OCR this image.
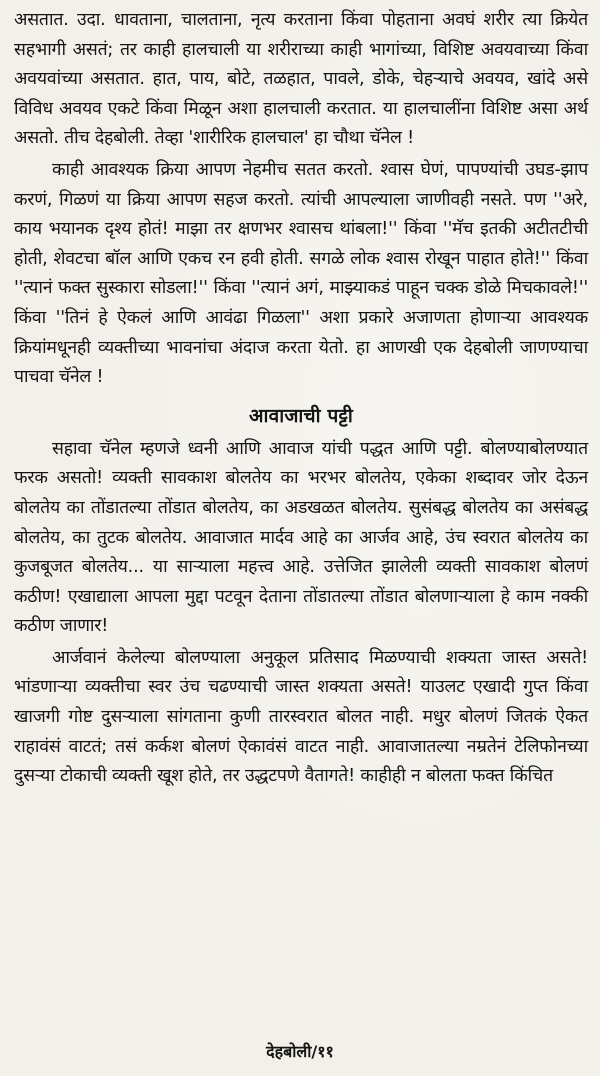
असतात. उदा. धावताना, चालताना, नृत्य करताना किंवा पोहताना अवघं शरीर त्या क्रियेत सहभागी असतं; तर काही हालचाली या शरीराच्या काही भागांच्या, विशिष्ट अवयवाच्या किंवा अवयवांच्या असतात. हात, पाय, बोटे, तळहात, पावले, डोके, चेहऱ्याचे अवयव, खांदे असे विविध अवयव एकटे किंवा मिळून अशा हालचाली करतात. या हालचालींना विशिष्ट असा अर्थ असतो. तीच देहबोली. तेव्हा 'शारीरिक हालचाल' हा चौथा चॅनेल !

काही आवश्यक क्रिया आपण नेहमीच सतत करतो. श्वास घेणं, पापण्यांची उघड-झाप करणं, गिळणं या क्रिया आपण सहज करतो. त्यांची आपल्याला जाणीवही नसते. पण ''अरे, काय भयानक दृश्य होतं! माझा तर क्षणभर श्वासच थांबला!'' किंवा ''मॅच इतकी अटीतटीची होती, शेवटचा बॉल आणि एकच रन हवी होती. सगळे लोक श्वास रोखून पाहात होते!'' किंवा ''त्यानं फक्त सुस्कारा सोडला!'' किंवा ''त्यानं अगं, माझ्याकडं पाहून चक्क डोळे मिचकावले!'' किंवा ''तिनं हे ऐकलं आणि आवंढा गिळला'' अशा प्रकारे अजाणता होणाऱ्या आवश्यक क्रियांमधूनही व्यक्तीच्या भावनांचा अंदाज करता येतो. हा आणखी एक देहबोली जाणण्याचा पाचवा चॅनेल !

आवाजाची पट्टी

सहावा चॅनेल म्हणजे ध्वनी आणि आवाज यांची पद्धत आणि पट्टी. बोलण्याबोलण्यात फरक असतो! व्यक्ती सावकाश बोलतेय का भरभर बोलतेय, एकेका शब्दावर जोर देऊन बोलतेय का तोंडातल्या तोंडात बोलतेय, का अडखळत बोलतेय. सुसंबद्ध बोलतेय का असंबद्ध बोलतेय, का तुटक बोलतेय. आवाजात मार्दव आहे का आर्जव आहे, उंच स्वरात बोलतेय का कुजबूजत बोलतेय... या साऱ्याला महत्त्व आहे. उत्तेजित झालेली व्यक्ती सावकाश बोलणं कठीण! एखाद्याला आपला मुद्दा पटवून देताना तोंडातल्या तोंडात बोलणाऱ्याला हे काम नक्की कठीण जाणार!

आर्जवानं केलेल्या बोलण्याला अनुकूल प्रतिसाद मिळण्याची शक्यता जास्त असते! भांडणाऱ्या व्यक्तीचा स्वर उंच चढण्याची जास्त शक्यता असते! याउलट एखादी गुप्त किंवा खाजगी गोष्ट दुसऱ्याला सांगताना कुणी तारस्वरात बोलत नाही. मधुर बोलणं जितकं ऐकत राहावंसं वाटतं; तसं कर्कश बोलणं ऐकावंसं वाटत नाही. आवाजातल्या नम्रतेनं टेलिफोनच्या दुसऱ्या टोकाची व्यक्ती खूश होते, तर उद्धटपणे वैतागते! काहीही न बोलता फक्त किंचित

देहबोली/११
